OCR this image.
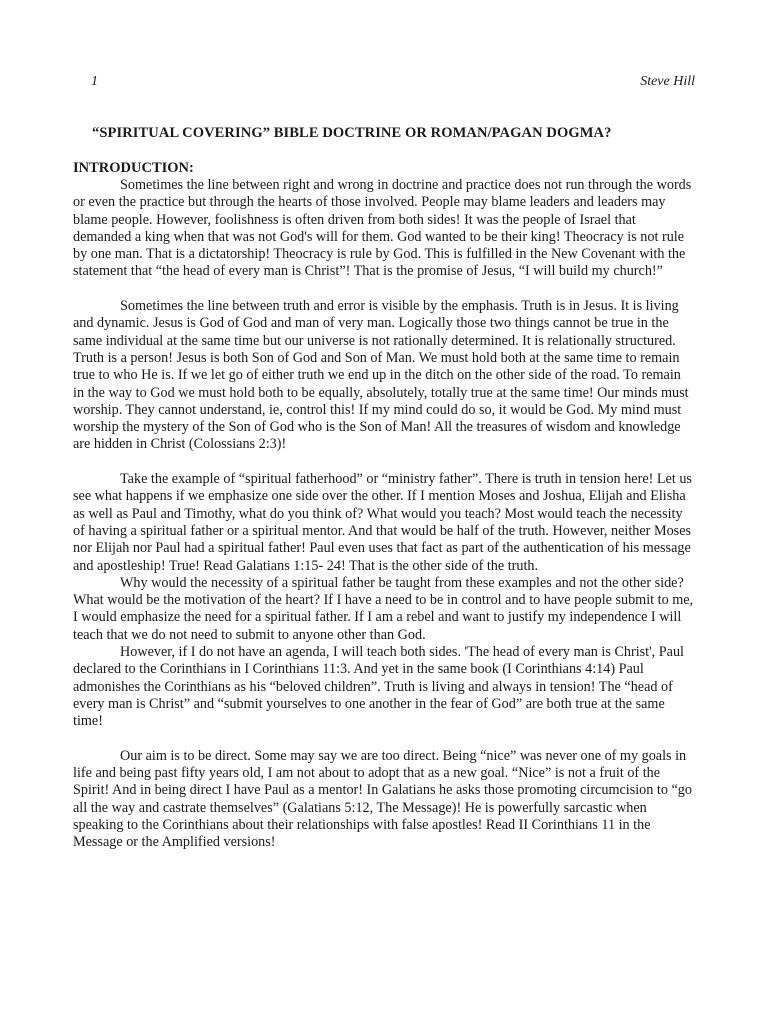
1	Steve Hill
“SPIRITUAL COVERING” BIBLE DOCTRINE OR ROMAN/PAGAN DOGMA?
INTRODUCTION:

Sometimes the line between right and wrong in doctrine and practice does not run through the words or even the practice but through the hearts of those involved. People may blame leaders and leaders may blame people. However, foolishness is often driven from both sides! It was the people of Israel that demanded a king when that was not God's will for them. God wanted to be their king! Theocracy is not rule by one man. That is a dictatorship! Theocracy is rule by God. This is fulfilled in the New Covenant with the statement that “the head of every man is Christ”! That is the promise of Jesus, “I will build my church!”

Sometimes the line between truth and error is visible by the emphasis. Truth is in Jesus. It is living and dynamic. Jesus is God of God and man of very man. Logically those two things cannot be true in the same individual at the same time but our universe is not rationally determined. It is relationally structured. Truth is a person! Jesus is both Son of God and Son of Man. We must hold both at the same time to remain true to who He is. If we let go of either truth we end up in the ditch on the other side of the road. To remain in the way to God we must hold both to be equally, absolutely, totally true at the same time! Our minds must worship. They cannot understand, ie, control this! If my mind could do so, it would be God. My mind must worship the mystery of the Son of God who is the Son of Man! All the treasures of wisdom and knowledge are hidden in Christ (Colossians 2:3)!

Take the example of “spiritual fatherhood” or “ministry father”. There is truth in tension here! Let us see what happens if we emphasize one side over the other. If I mention Moses and Joshua, Elijah and Elisha as well as Paul and Timothy, what do you think of? What would you teach? Most would teach the necessity of having a spiritual father or a spiritual mentor. And that would be half of the truth. However, neither Moses nor Elijah nor Paul had a spiritual father! Paul even uses that fact as part of the authentication of his message and apostleship! True! Read Galatians 1:15- 24! That is the other side of the truth.

Why would the necessity of a spiritual father be taught from these examples and not the other side? What would be the motivation of the heart? If I have a need to be in control and to have people submit to me, I would emphasize the need for a spiritual father. If I am a rebel and want to justify my independence I will teach that we do not need to submit to anyone other than God.

However, if I do not have an agenda, I will teach both sides. 'The head of every man is Christ', Paul declared to the Corinthians in I Corinthians 11:3. And yet in the same book (I Corinthians 4:14) Paul admonishes the Corinthians as his “beloved children”. Truth is living and always in tension! The “head of every man is Christ” and “submit yourselves to one another in the fear of God” are both true at the same time!

Our aim is to be direct. Some may say we are too direct. Being “nice” was never one of my goals in life and being past fifty years old, I am not about to adopt that as a new goal. “Nice” is not a fruit of the Spirit! And in being direct I have Paul as a mentor! In Galatians he asks those promoting circumcision to “go all the way and castrate themselves” (Galatians 5:12, The Message)! He is powerfully sarcastic when speaking to the Corinthians about their relationships with false apostles! Read II Corinthians 11 in the Message or the Amplified versions!
